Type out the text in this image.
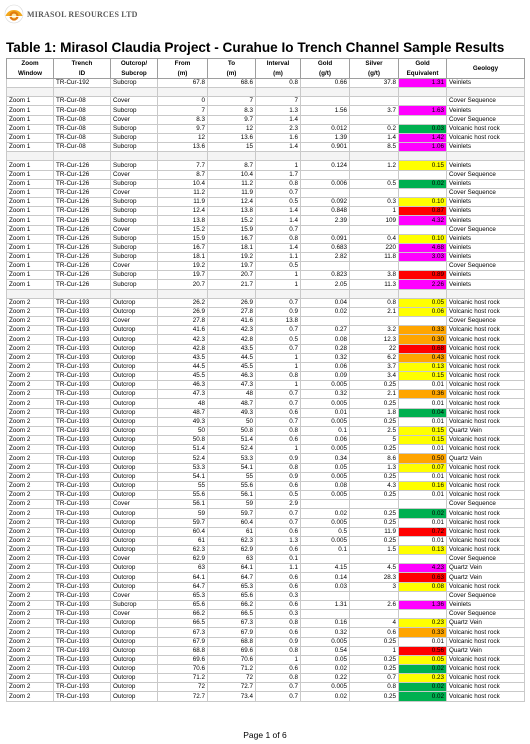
MIRASOL RESOURCES LTD
Table 1: Mirasol Claudia Project - Curahue Io Trench Channel Sample Results
Zoom	Trench	Outcrop/	From	To	Interval	Gold	Silver	Gold	Geology
Window	ID	Subcrop	(m)	(m)	(m)	(g/t)	(g/t)	Equivalent	
	TR-Cur-192	Subcrop	67.8	68.6	0.8	0.66	37.8	1.31	Veinlets

Zoom 1	TR-Cur-08	Cover	0	7	7				Cover Sequence
Zoom 1	TR-Cur-08	Subcrop	7	8.3	1.3	1.56	3.7	1.63	Veinlets
Zoom 1	TR-Cur-08	Cover	8.3	9.7	1.4				Cover Sequence
Zoom 1	TR-Cur-08	Subcrop	9.7	12	2.3	0.012	0.2	0.03	Volcanic host rock
Zoom 1	TR-Cur-08	Subcrop	12	13.6	1.6	1.39	1.4	1.42	Volcanic host rock
Zoom 1	TR-Cur-08	Subcrop	13.6	15	1.4	0.901	8.5	1.06	Veinlets

Zoom 1	TR-Cur-126	Subcrop	7.7	8.7	1	0.124	1.2	0.15	Veinlets
Zoom 1	TR-Cur-126	Cover	8.7	10.4	1.7				Cover Sequence
Zoom 1	TR-Cur-126	Subcrop	10.4	11.2	0.8	0.006	0.5	0.02	Veinlets
Zoom 1	TR-Cur-126	Cover	11.2	11.9	0.7				Cover Sequence
Zoom 1	TR-Cur-126	Subcrop	11.9	12.4	0.5	0.092	0.3	0.10	Veinlets
Zoom 1	TR-Cur-126	Subcrop	12.4	13.8	1.4	0.848	1	0.87	Veinlets
Zoom 1	TR-Cur-126	Subcrop	13.8	15.2	1.4	2.39	109	4.32	Veinlets
Zoom 1	TR-Cur-126	Cover	15.2	15.9	0.7				Cover Sequence
Zoom 1	TR-Cur-126	Subcrop	15.9	16.7	0.8	0.091	0.4	0.10	Veinlets
Zoom 1	TR-Cur-126	Subcrop	16.7	18.1	1.4	0.683	220	4.68	Veinlets
Zoom 1	TR-Cur-126	Subcrop	18.1	19.2	1.1	2.82	11.8	3.03	Veinlets
Zoom 1	TR-Cur-126	Cover	19.2	19.7	0.5				Cover Sequence
Zoom 1	TR-Cur-126	Subcrop	19.7	20.7	1	0.823	3.8	0.89	Veinlets
Zoom 1	TR-Cur-126	Subcrop	20.7	21.7	1	2.05	11.3	2.26	Veinlets

Zoom 2	TR-Cur-193	Outcrop	26.2	26.9	0.7	0.04	0.8	0.05	Volcanic host rock
Zoom 2	TR-Cur-193	Outcrop	26.9	27.8	0.9	0.02	2.1	0.06	Volcanic host rock
Zoom 2	TR-Cur-193	Cover	27.8	41.6	13.8				Cover Sequence
Zoom 2	TR-Cur-193	Outcrop	41.6	42.3	0.7	0.27	3.2	0.33	Volcanic host rock
Zoom 2	TR-Cur-193	Outcrop	42.3	42.8	0.5	0.08	12.3	0.30	Volcanic host rock
Zoom 2	TR-Cur-193	Outcrop	42.8	43.5	0.7	0.28	22	0.68	Volcanic host rock
Zoom 2	TR-Cur-193	Outcrop	43.5	44.5	1	0.32	6.2	0.43	Volcanic host rock
Zoom 2	TR-Cur-193	Outcrop	44.5	45.5	1	0.06	3.7	0.13	Volcanic host rock
Zoom 2	TR-Cur-193	Outcrop	45.5	46.3	0.8	0.09	3.4	0.15	Volcanic host rock
Zoom 2	TR-Cur-193	Outcrop	46.3	47.3	1	0.005	0.25	0.01	Volcanic host rock
Zoom 2	TR-Cur-193	Outcrop	47.3	48	0.7	0.32	2.1	0.36	Volcanic host rock
Zoom 2	TR-Cur-193	Outcrop	48	48.7	0.7	0.005	0.25	0.01	Volcanic host rock
Zoom 2	TR-Cur-193	Outcrop	48.7	49.3	0.6	0.01	1.8	0.04	Volcanic host rock
Zoom 2	TR-Cur-193	Outcrop	49.3	50	0.7	0.005	0.25	0.01	Volcanic host rock
Zoom 2	TR-Cur-193	Outcrop	50	50.8	0.8	0.1	2.5	0.15	Quartz Vein
Zoom 2	TR-Cur-193	Outcrop	50.8	51.4	0.6	0.06	5	0.15	Volcanic host rock
Zoom 2	TR-Cur-193	Outcrop	51.4	52.4	1	0.005	0.25	0.01	Volcanic host rock
Zoom 2	TR-Cur-193	Outcrop	52.4	53.3	0.9	0.34	8.6	0.50	Quartz Vein
Zoom 2	TR-Cur-193	Outcrop	53.3	54.1	0.8	0.05	1.3	0.07	Volcanic host rock
Zoom 2	TR-Cur-193	Outcrop	54.1	55	0.9	0.005	0.25	0.01	Volcanic host rock
Zoom 2	TR-Cur-193	Outcrop	55	55.6	0.6	0.08	4.3	0.16	Volcanic host rock
Zoom 2	TR-Cur-193	Outcrop	55.6	56.1	0.5	0.005	0.25	0.01	Volcanic host rock
Zoom 2	TR-Cur-193	Cover	56.1	59	2.9				Cover Sequence
Zoom 2	TR-Cur-193	Outcrop	59	59.7	0.7	0.02	0.25	0.02	Volcanic host rock
Zoom 2	TR-Cur-193	Outcrop	59.7	60.4	0.7	0.005	0.25	0.01	Volcanic host rock
Zoom 2	TR-Cur-193	Outcrop	60.4	61	0.6	0.5	11.9	0.72	Volcanic host rock
Zoom 2	TR-Cur-193	Outcrop	61	62.3	1.3	0.005	0.25	0.01	Volcanic host rock
Zoom 2	TR-Cur-193	Outcrop	62.3	62.9	0.6	0.1	1.5	0.13	Volcanic host rock
Zoom 2	TR-Cur-193	Cover	62.9	63	0.1				Cover Sequence
Zoom 2	TR-Cur-193	Outcrop	63	64.1	1.1	4.15	4.5	4.23	Quartz Vein
Zoom 2	TR-Cur-193	Outcrop	64.1	64.7	0.6	0.14	28.3	0.63	Quartz Vein
Zoom 2	TR-Cur-193	Outcrop	64.7	65.3	0.6	0.03	3	0.08	Volcanic host rock
Zoom 2	TR-Cur-193	Cover	65.3	65.6	0.3				Cover Sequence
Zoom 2	TR-Cur-193	Subcrop	65.6	66.2	0.6	1.31	2.6	1.36	Veinlets
Zoom 2	TR-Cur-193	Cover	66.2	66.5	0.3				Cover Sequence
Zoom 2	TR-Cur-193	Outcrop	66.5	67.3	0.8	0.16	4	0.23	Quartz Vein
Zoom 2	TR-Cur-193	Outcrop	67.3	67.9	0.6	0.32	0.6	0.33	Volcanic host rock
Zoom 2	TR-Cur-193	Outcrop	67.9	68.8	0.9	0.005	0.25	0.01	Volcanic host rock
Zoom 2	TR-Cur-193	Outcrop	68.8	69.6	0.8	0.54	1	0.56	Quartz Vein
Zoom 2	TR-Cur-193	Outcrop	69.6	70.6	1	0.05	0.25	0.05	Volcanic host rock
Zoom 2	TR-Cur-193	Outcrop	70.6	71.2	0.6	0.02	0.25	0.02	Volcanic host rock
Zoom 2	TR-Cur-193	Outcrop	71.2	72	0.8	0.22	0.7	0.23	Volcanic host rock
Zoom 2	TR-Cur-193	Outcrop	72	72.7	0.7	0.005	0.8	0.02	Volcanic host rock
Zoom 2	TR-Cur-193	Outcrop	72.7	73.4	0.7	0.02	0.25	0.02	Volcanic host rock
Page 1 of 6
